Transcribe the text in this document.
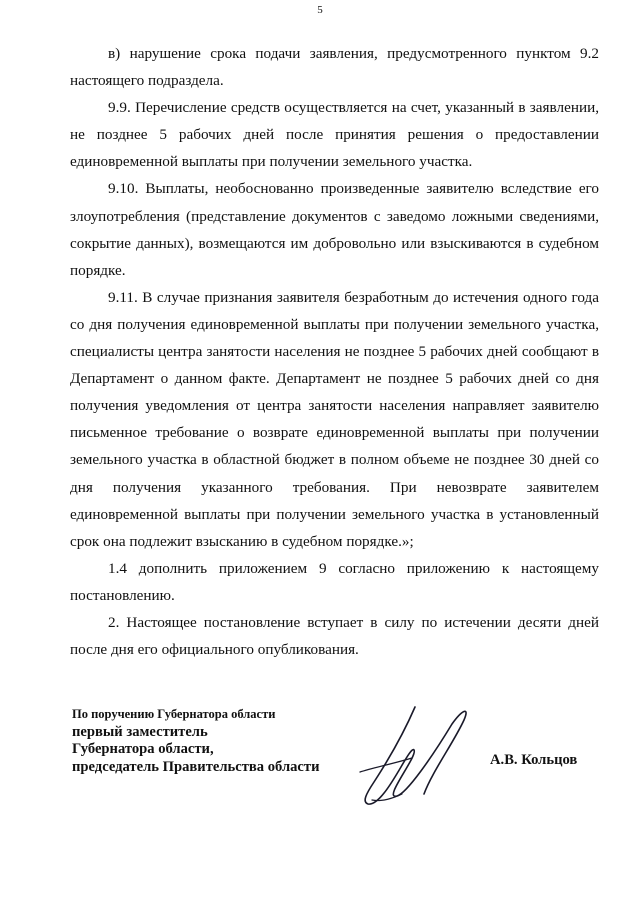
5

в) нарушение срока подачи заявления, предусмотренного пунктом 9.2 настоящего подраздела.

9.9. Перечисление средств осуществляется на счет, указанный в заявлении, не позднее 5 рабочих дней после принятия решения о предоставлении единовременной выплаты при получении земельного участка.

9.10. Выплаты, необоснованно произведенные заявителю вследствие его злоупотребления (представление документов с заведомо ложными сведениями, сокрытие данных), возмещаются им добровольно или взыскиваются в судебном порядке.

9.11. В случае признания заявителя безработным до истечения одного года со дня получения единовременной выплаты при получении земельного участка, специалисты центра занятости населения не позднее 5 рабочих дней сообщают в Департамент о данном факте. Департамент не позднее 5 рабочих дней со дня получения уведомления от центра занятости населения направляет заявителю письменное требование о возврате единовременной выплаты при получении земельного участка в областной бюджет в полном объеме не позднее 30 дней со дня получения указанного требования. При невозврате заявителем единовременной выплаты при получении земельного участка в установленный срок она подлежит взысканию в судебном порядке.»;

1.4 дополнить приложением 9 согласно приложению к настоящему постановлению.

2. Настоящее постановление вступает в силу по истечении десяти дней после дня его официального опубликования.

По поручению Губернатора области
первый заместитель
Губернатора области,
председатель Правительства области	А.В. Кольцов
